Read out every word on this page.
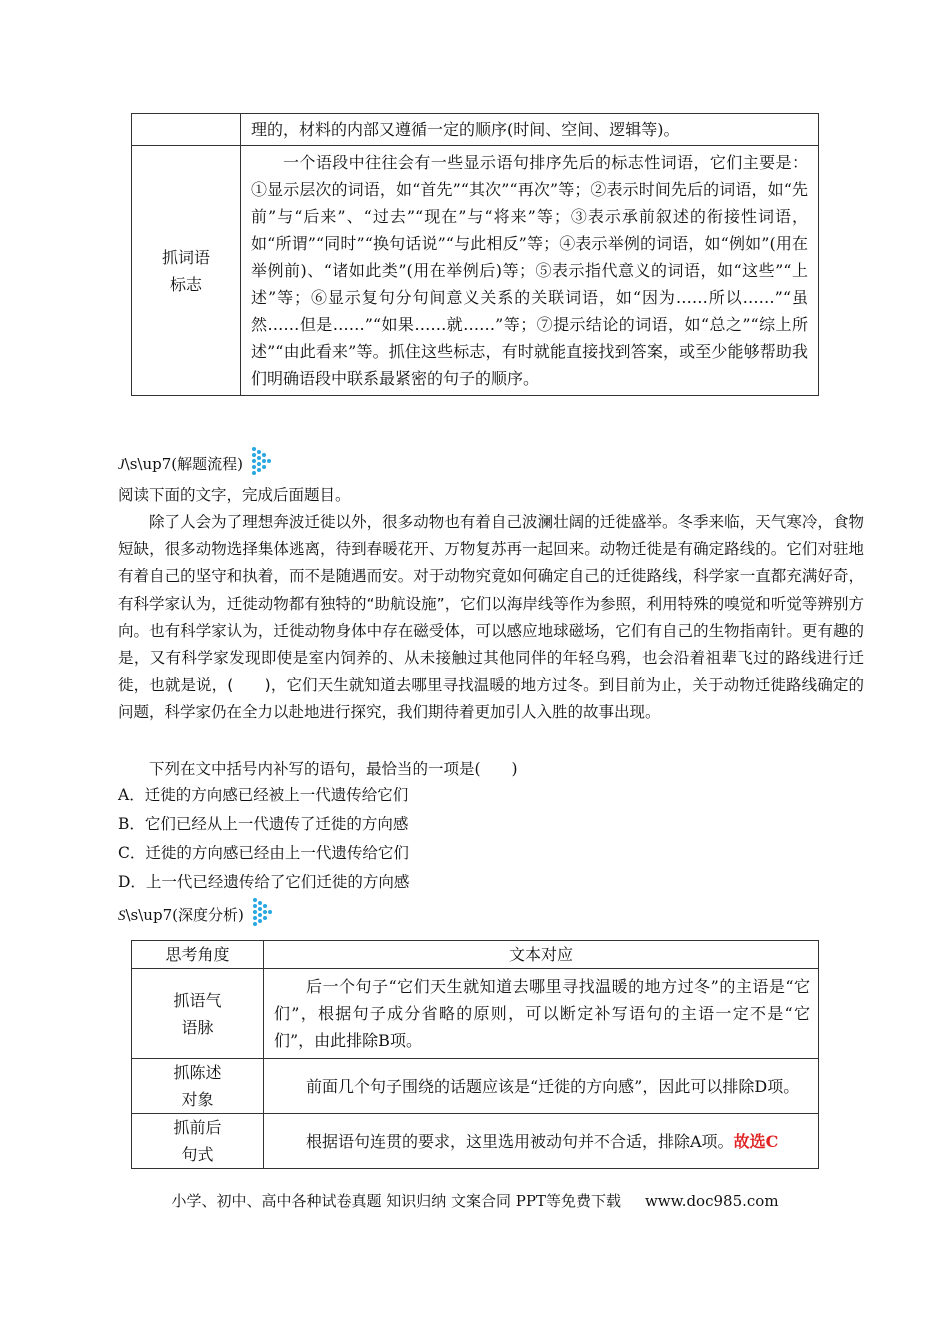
	理的，材料的内部又遵循一定的顺序(时间、空间、逻辑等)。

抓词语
标志	一个语段中往往会有一些显示语句排序先后的标志性词语，它们主要是：①显示层次的词语，如“首先”“其次”“再次”等；②表示时间先后的词语，如“先前”与“后来”、“过去”“现在”与“将来”等；③表示承前叙述的衔接性词语，如“所谓”“同时”“换句话说”“与此相反”等；④表示举例的词语，如“例如”(用在举例前)、“诸如此类”(用在举例后)等；⑤表示指代意义的词语，如“这些”“上述”等；⑥显示复句分句间意义关系的关联词语，如“因为……所以……”“虽然……但是……”“如果……就……”等；⑦提示结论的词语，如“总之”“综上所述”“由此看来”等。抓住这些标志，有时就能直接找到答案，或至少能够帮助我们明确语段中联系最紧密的句子的顺序。
J\s\up7(解题流程)
阅读下面的文字，完成后面题目。
除了人会为了理想奔波迁徙以外，很多动物也有着自己波澜壮阔的迁徙盛举。冬季来临，天气寒冷，食物短缺，很多动物选择集体逃离，待到春暖花开、万物复苏再一起回来。动物迁徙是有确定路线的。它们对驻地有着自己的坚守和执着，而不是随遇而安。对于动物究竟如何确定自己的迁徙路线，科学家一直都充满好奇，有科学家认为，迁徙动物都有独特的“助航设施”，它们以海岸线等作为参照，利用特殊的嗅觉和听觉等辨别方向。也有科学家认为，迁徙动物身体中存在磁受体，可以感应地球磁场，它们有自己的生物指南针。更有趣的是，又有科学家发现即使是室内饲养的、从未接触过其他同伴的年轻乌鸦，也会沿着祖辈飞过的路线进行迁徙，也就是说，(　　)，它们天生就知道去哪里寻找温暖的地方过冬。到目前为止，关于动物迁徙路线确定的问题，科学家仍在全力以赴地进行探究，我们期待着更加引人入胜的故事出现。
下列在文中括号内补写的语句，最恰当的一项是(　　)
A．迁徙的方向感已经被上一代遗传给它们
B．它们已经从上一代遗传了迁徙的方向感
C．迁徙的方向感已经由上一代遗传给它们
D．上一代已经遗传给了它们迁徙的方向感
S\s\up7(深度分析)
思考角度	文本对应

抓语气
语脉	后一个句子“它们天生就知道去哪里寻找温暖的地方过冬”的主语是“它们”，根据句子成分省略的原则，可以断定补写语句的主语一定不是“它们”，由此排除B项。

抓陈述
对象	前面几个句子围绕的话题应该是“迁徙的方向感”，因此可以排除D项。

抓前后
句式	根据语句连贯的要求，这里选用被动句并不合适，排除A项。故选C
小学、初中、高中各种试卷真题 知识归纳 文案合同 PPT等免费下载 www.doc985.com
